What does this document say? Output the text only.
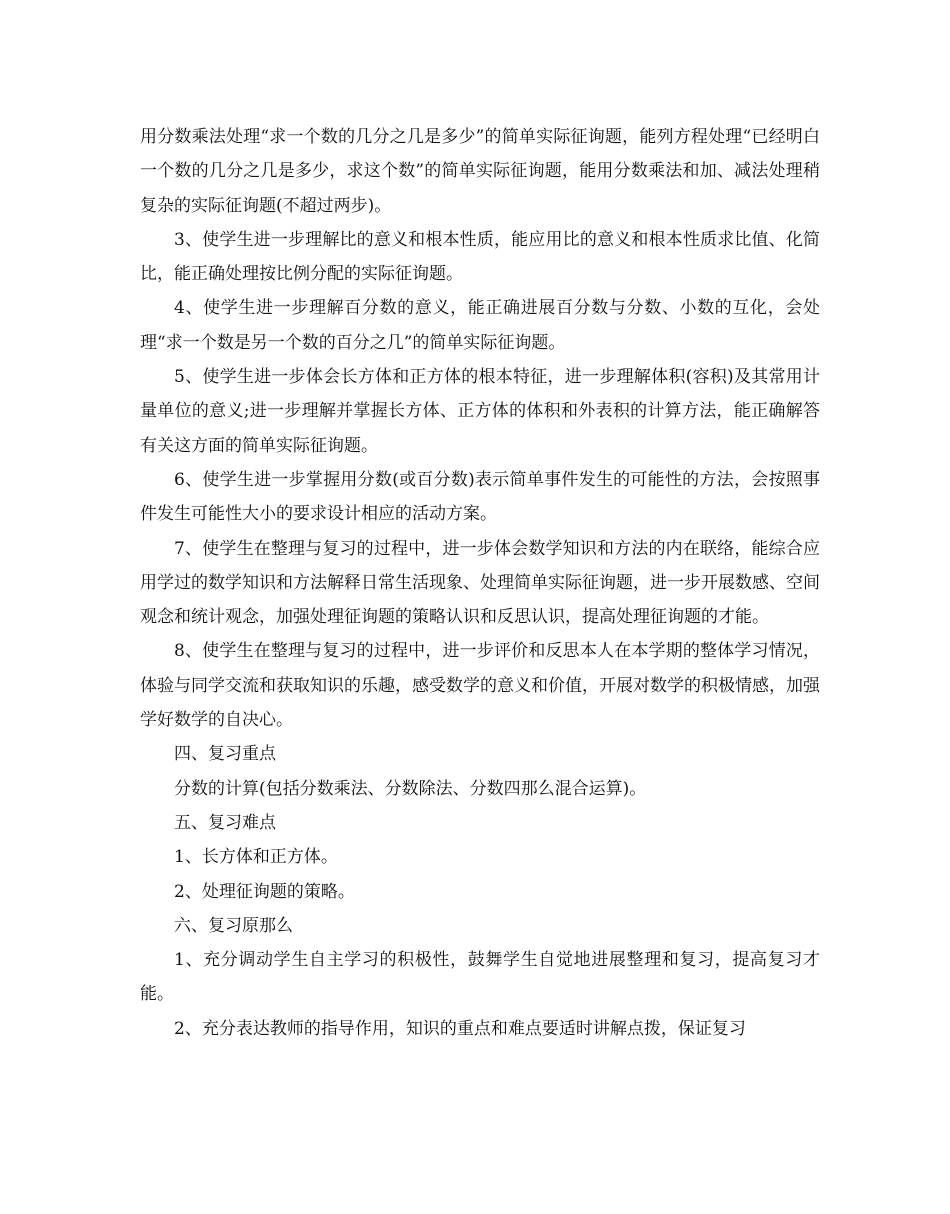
用分数乘法处理“求一个数的几分之几是多少”的简单实际征询题，能列方程处理“已经明白一个数的几分之几是多少，求这个数”的简单实际征询题，能用分数乘法和加、减法处理稍复杂的实际征询题(不超过两步)。

3、使学生进一步理解比的意义和根本性质，能应用比的意义和根本性质求比值、化简比，能正确处理按比例分配的实际征询题。

4、使学生进一步理解百分数的意义，能正确进展百分数与分数、小数的互化，会处理“求一个数是另一个数的百分之几”的简单实际征询题。

5、使学生进一步体会长方体和正方体的根本特征，进一步理解体积(容积)及其常用计量单位的意义;进一步理解并掌握长方体、正方体的体积和外表积的计算方法，能正确解答有关这方面的简单实际征询题。

6、使学生进一步掌握用分数(或百分数)表示简单事件发生的可能性的方法，会按照事件发生可能性大小的要求设计相应的活动方案。

7、使学生在整理与复习的过程中，进一步体会数学知识和方法的内在联络，能综合应用学过的数学知识和方法解释日常生活现象、处理简单实际征询题，进一步开展数感、空间观念和统计观念，加强处理征询题的策略认识和反思认识，提高处理征询题的才能。

8、使学生在整理与复习的过程中，进一步评价和反思本人在本学期的整体学习情况，体验与同学交流和获取知识的乐趣，感受数学的意义和价值，开展对数学的积极情感，加强学好数学的自决心。

四、复习重点

分数的计算(包括分数乘法、分数除法、分数四那么混合运算)。

五、复习难点

1、长方体和正方体。

2、处理征询题的策略。

六、复习原那么

1、充分调动学生自主学习的积极性，鼓舞学生自觉地进展整理和复习，提高复习才能。

2、充分表达教师的指导作用，知识的重点和难点要适时讲解点拨，保证复习
